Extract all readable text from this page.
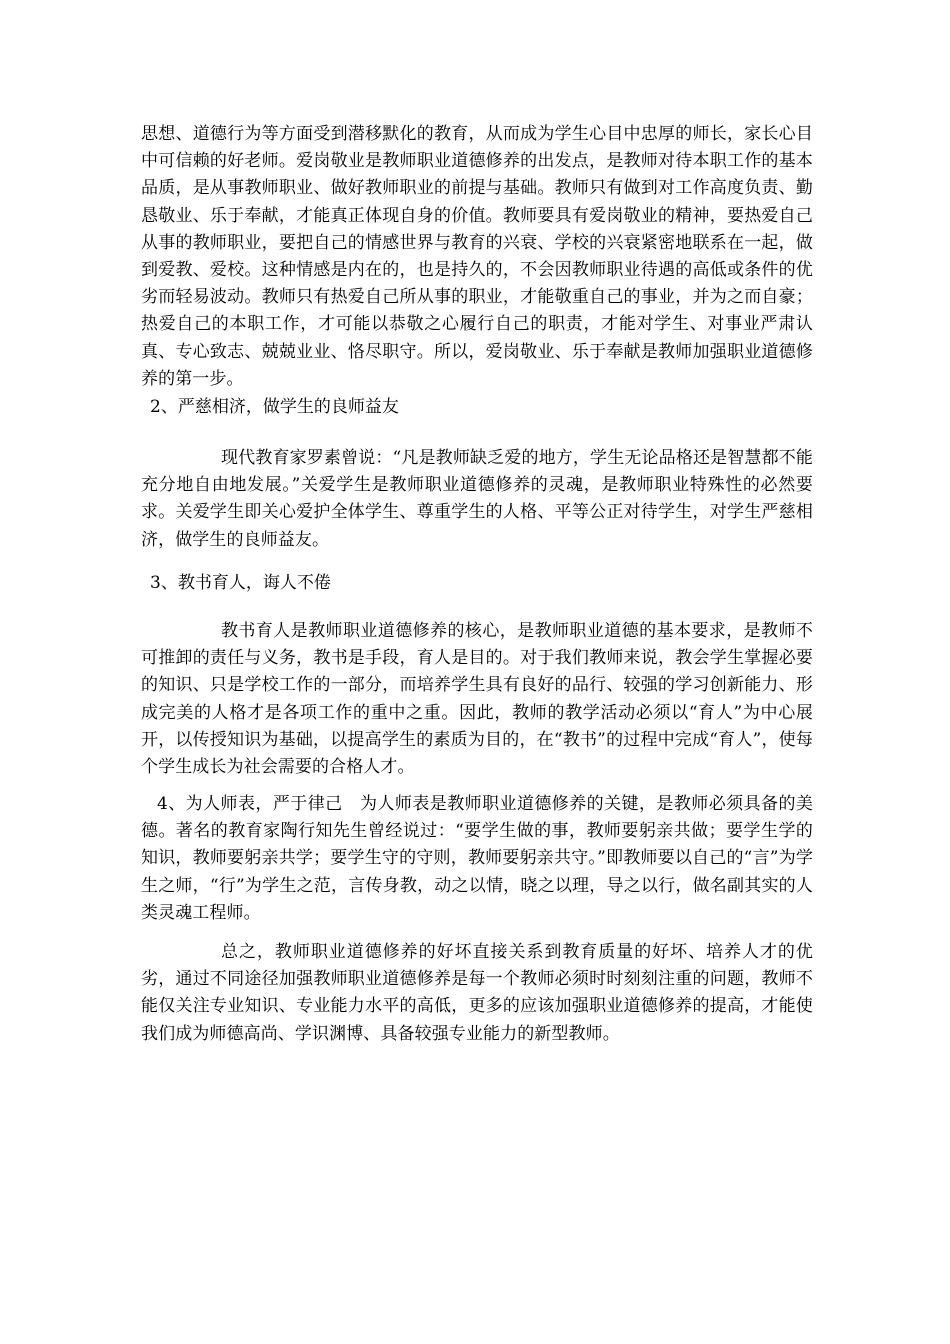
思想、道德行为等方面受到潜移默化的教育，从而成为学生心目中忠厚的师长，家长心目中可信赖的好老师。爱岗敬业是教师职业道德修养的出发点，是教师对待本职工作的基本品质，是从事教师职业、做好教师职业的前提与基础。教师只有做到对工作高度负责、勤恳敬业、乐于奉献，才能真正体现自身的价值。教师要具有爱岗敬业的精神，要热爱自己从事的教师职业，要把自己的情感世界与教育的兴衰、学校的兴衰紧密地联系在一起，做到爱教、爱校。这种情感是内在的，也是持久的，不会因教师职业待遇的高低或条件的优劣而轻易波动。教师只有热爱自己所从事的职业，才能敬重自己的事业，并为之而自豪；热爱自己的本职工作，才可能以恭敬之心履行自己的职责，才能对学生、对事业严肃认真、专心致志、兢兢业业、恪尽职守。所以，爱岗敬业、乐于奉献是教师加强职业道德修养的第一步。

2、严慈相济，做学生的良师益友

现代教育家罗素曾说：“凡是教师缺乏爱的地方，学生无论品格还是智慧都不能充分地自由地发展。”关爱学生是教师职业道德修养的灵魂，是教师职业特殊性的必然要求。关爱学生即关心爱护全体学生、尊重学生的人格、平等公正对待学生，对学生严慈相济，做学生的良师益友。

3、教书育人，诲人不倦

教书育人是教师职业道德修养的核心，是教师职业道德的基本要求，是教师不可推卸的责任与义务，教书是手段，育人是目的。对于我们教师来说，教会学生掌握必要的知识、只是学校工作的一部分，而培养学生具有良好的品行、较强的学习创新能力、形成完美的人格才是各项工作的重中之重。因此，教师的教学活动必须以“育人”为中心展开，以传授知识为基础，以提高学生的素质为目的，在“教书”的过程中完成“育人”，使每个学生成长为社会需要的合格人才。

4、为人师表，严于律己　为人师表是教师职业道德修养的关键，是教师必须具备的美德。著名的教育家陶行知先生曾经说过：“要学生做的事，教师要躬亲共做；要学生学的知识，教师要躬亲共学；要学生守的守则，教师要躬亲共守。”即教师要以自己的“言”为学生之师，“行”为学生之范，言传身教，动之以情，晓之以理，导之以行，做名副其实的人类灵魂工程师。

总之，教师职业道德修养的好坏直接关系到教育质量的好坏、培养人才的优劣，通过不同途径加强教师职业道德修养是每一个教师必须时时刻刻注重的问题，教师不能仅关注专业知识、专业能力水平的高低，更多的应该加强职业道德修养的提高，才能使我们成为师德高尚、学识渊博、具备较强专业能力的新型教师。
